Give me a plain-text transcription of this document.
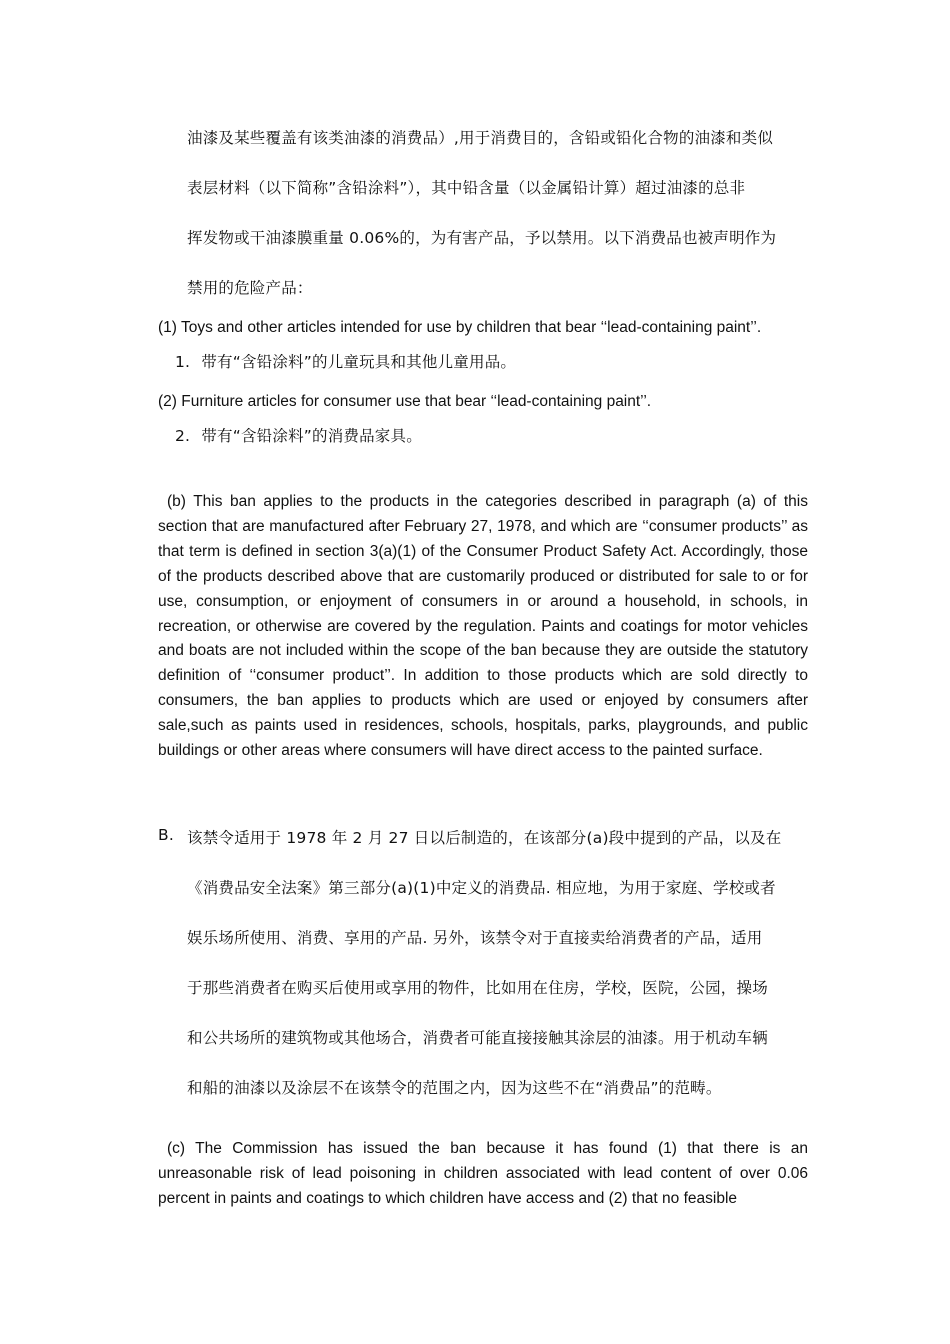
油漆及某些覆盖有该类油漆的消费品）,用于消费目的，含铅或铅化合物的油漆和类似

表层材料（以下简称”含铅涂料”），其中铅含量（以金属铅计算）超过油漆的总非

挥发物或干油漆膜重量 0.06%的，为有害产品，予以禁用。以下消费品也被声明作为

禁用的危险产品：

(1) Toys and other articles intended for use by children that bear ‘‘lead-containing paint’’.
1. 带有“含铅涂料”的儿童玩具和其他儿童用品。
(2) Furniture articles for consumer use that bear ‘‘lead-containing paint’’.
2. 带有“含铅涂料”的消费品家具。

(b) This ban applies to the products in the categories described in paragraph (a) of this section that are manufactured after February 27, 1978, and which are ‘‘consumer products’’ as that term is defined in section 3(a)(1) of the Consumer Product Safety Act. Accordingly, those of the products described above that are customarily produced or distributed for sale to or for use, consumption, or enjoyment of consumers in or around a household, in schools, in recreation, or otherwise are covered by the regulation. Paints and coatings for motor vehicles and boats are not included within the scope of the ban because they are outside the statutory definition of ‘‘consumer product’’. In addition to those products which are sold directly to consumers, the ban applies to products which are used or enjoyed by consumers after sale,such as paints used in residences, schools, hospitals, parks, playgrounds, and public buildings or other areas where consumers will have direct access to the painted surface.

B. 该禁令适用于 1978 年 2 月 27 日以后制造的，在该部分(a)段中提到的产品，以及在

《消费品安全法案》第三部分(a)(1)中定义的消费品. 相应地，为用于家庭、学校或者

娱乐场所使用、消费、享用的产品. 另外，该禁令对于直接卖给消费者的产品，适用

于那些消费者在购买后使用或享用的物件，比如用在住房，学校，医院，公园，操场

和公共场所的建筑物或其他场合，消费者可能直接接触其涂层的油漆。用于机动车辆

和船的油漆以及涂层不在该禁令的范围之内，因为这些不在“消费品”的范畴。

(c) The Commission has issued the ban because it has found (1) that there is an unreasonable risk of lead poisoning in children associated with lead content of over 0.06 percent in paints and coatings to which children have access and (2) that no feasible
